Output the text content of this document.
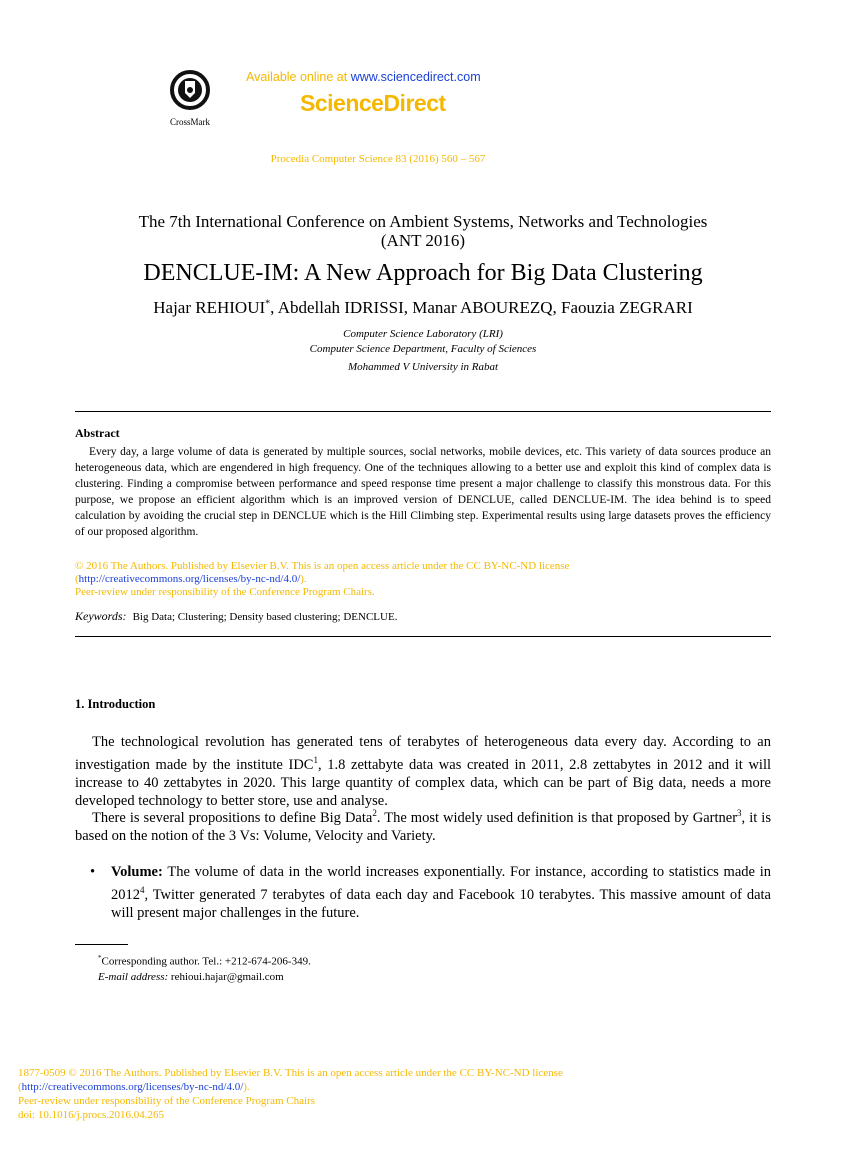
CrossMark
Available online at www.sciencedirect.com
ScienceDirect
Procedia Computer Science 83 (2016) 560 – 567
The 7th International Conference on Ambient Systems, Networks and Technologies
(ANT 2016)
DENCLUE-IM: A New Approach for Big Data Clustering
Hajar REHIOUI*, Abdellah IDRISSI, Manar ABOUREZQ, Faouzia ZEGRARI
Computer Science Laboratory (LRI)
Computer Science Department, Faculty of Sciences
Mohammed V University in Rabat
Abstract
Every day, a large volume of data is generated by multiple sources, social networks, mobile devices, etc. This variety of data sources produce an heterogeneous data, which are engendered in high frequency. One of the techniques allowing to a better use and exploit this kind of complex data is clustering. Finding a compromise between performance and speed response time present a major challenge to classify this monstrous data. For this purpose, we propose an efficient algorithm which is an improved version of DENCLUE, called DENCLUE-IM. The idea behind is to speed calculation by avoiding the crucial step in DENCLUE which is the Hill Climbing step. Experimental results using large datasets proves the efficiency of our proposed algorithm.
© 2016 The Authors. Published by Elsevier B.V. This is an open access article under the CC BY-NC-ND license
(http://creativecommons.org/licenses/by-nc-nd/4.0/).
Peer-review under responsibility of the Conference Program Chairs.
Keywords: Big Data; Clustering; Density based clustering; DENCLUE.
1. Introduction
The technological revolution has generated tens of terabytes of heterogeneous data every day. According to an investigation made by the institute IDC$^1$, 1.8 zettabyte data was created in 2011, 2.8 zettabytes in 2012 and it will increase to 40 zettabytes in 2020. This large quantity of complex data, which can be part of Big data, needs a more developed technology to better store, use and analyse.
There is several propositions to define Big Data$^2$. The most widely used definition is that proposed by Gartner$^3$, it is based on the notion of the 3 Vs: Volume, Velocity and Variety.
• Volume: The volume of data in the world increases exponentially. For instance, according to statistics made in 2012$^4$, Twitter generated 7 terabytes of data each day and Facebook 10 terabytes. This massive amount of data will present major challenges in the future.
*Corresponding author. Tel.: +212-674-206-349.
E-mail address: rehioui.hajar@gmail.com
1877-0509 © 2016 The Authors. Published by Elsevier B.V. This is an open access article under the CC BY-NC-ND license
(http://creativecommons.org/licenses/by-nc-nd/4.0/).
Peer-review under responsibility of the Conference Program Chairs
doi: 10.1016/j.procs.2016.04.265
